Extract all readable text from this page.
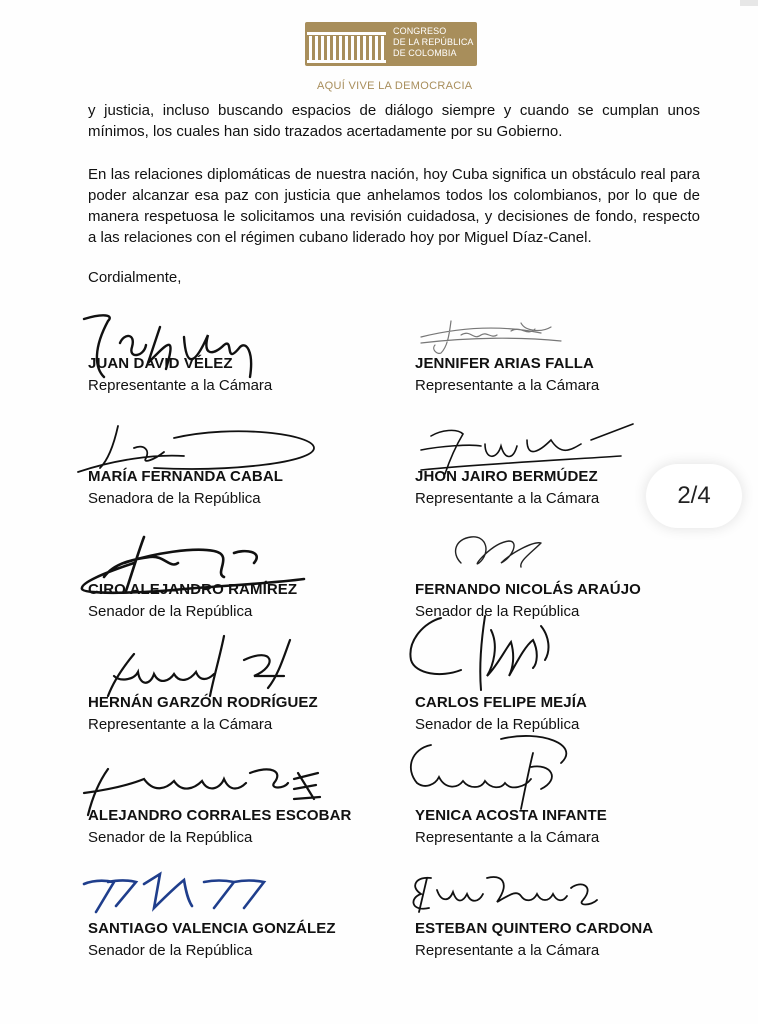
CONGRESO
DE LA REPÚBLICA
DE COLOMBIA
AQUÍ VIVE LA DEMOCRACIA

y justicia, incluso buscando espacios de diálogo siempre y cuando se cumplan unos mínimos, los cuales han sido trazados acertadamente por su Gobierno.

En las relaciones diplomáticas de nuestra nación, hoy Cuba significa un obstáculo real para poder alcanzar esa paz con justicia que anhelamos todos los colombianos, por lo que de manera respetuosa le solicitamos una revisión cuidadosa, y decisiones de fondo, respecto a las relaciones con el régimen cubano liderado hoy por Miguel Díaz-Canel.

Cordialmente,
JUAN DAVID VÉLEZ
Representante a la Cámara
JENNIFER ARIAS FALLA
Representante a la Cámara
MARÍA FERNANDA CABAL
Senadora de la República
JHON JAIRO BERMÚDEZ
Representante a la Cámara
CIRO ALEJANDRO RAMÍREZ
Senador de la República
FERNANDO NICOLÁS ARAÚJO
Senador de la República
HERNÁN GARZÓN RODRÍGUEZ
Representante a la Cámara
CARLOS FELIPE MEJÍA
Senador de la República
ALEJANDRO CORRALES ESCOBAR
Senador de la República
YENICA ACOSTA INFANTE
Representante a la Cámara
SANTIAGO VALENCIA GONZÁLEZ
Senador de la República
ESTEBAN QUINTERO CARDONA
Representante a la Cámara
2/4
